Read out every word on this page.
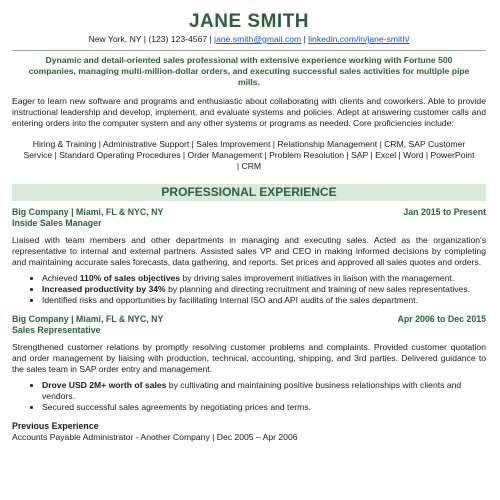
JANE SMITH
New York, NY | (123) 123-4567 | jane.smith@gmail.com | linkedin.com/in/jane-smith/
Dynamic and detail-oriented sales professional with extensive experience working with Fortune 500 companies, managing multi-million-dollar orders, and executing successful sales activities for multiple pipe mills.
Eager to learn new software and programs and enthusiastic about collaborating with clients and coworkers. Able to provide instructional leadership and develop, implement, and evaluate systems and policies. Adept at answering customer calls and entering orders into the computer system and any other systems or programs as needed. Core proficiencies include:
Hiring & Training | Administrative Support | Sales Improvement | Relationship Management | CRM, SAP Customer Service | Standard Operating Procedures | Order Management | Problem Resolution | SAP | Excel | Word | PowerPoint | CRM
PROFESSIONAL EXPERIENCE
Big Company | Miami, FL & NYC, NY	Jan 2015 to Present
Inside Sales Manager
Liaised with team members and other departments in managing and executing sales. Acted as the organization's representative to internal and external partners. Assisted sales VP and CEO in making informed decisions by completing and maintaining accurate sales forecasts, data gathering, and reports. Set prices and approved all sales quotes and orders.
• Achieved 110% of sales objectives by driving sales improvement initiatives in liaison with the management.
• Increased productivity by 34% by planning and directing recruitment and training of new sales representatives.
• Identified risks and opportunities by facilitating Internal ISO and API audits of the sales department.
Big Company | Miami, FL & NYC, NY	Apr 2006 to Dec 2015
Sales Representative
Strengthened customer relations by promptly resolving customer problems and complaints. Provided customer quotation and order management by liaising with production, technical, accounting, shipping, and 3rd parties. Delivered guidance to the sales team in SAP order entry and management.
• Drove USD 2M+ worth of sales by cultivating and maintaining positive business relationships with clients and vendors.
• Secured successful sales agreements by negotiating prices and terms.
Previous Experience
Accounts Payable Administrator - Another Company | Dec 2005 – Apr 2006
